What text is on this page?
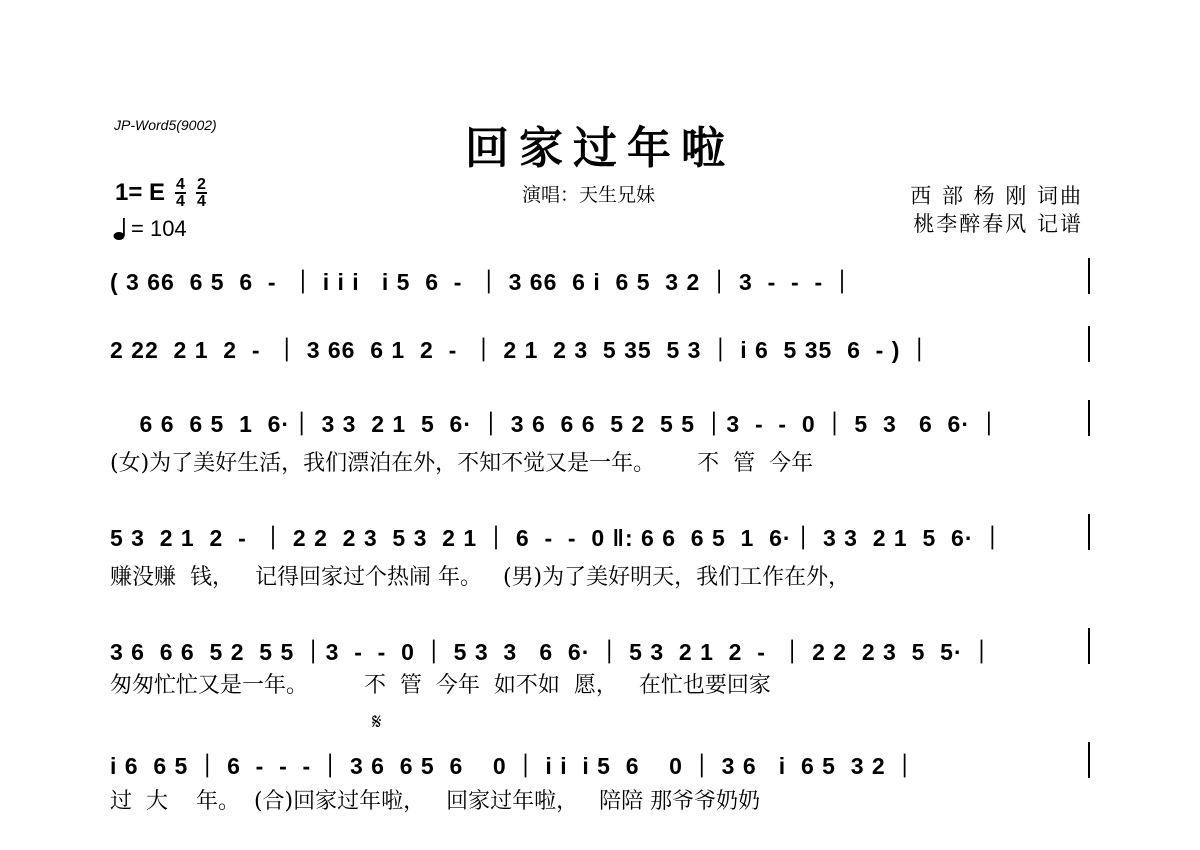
JP-Word5(9002)	回家过年啦
1= E $\frac{4}{4} \frac{2}{4}$
= 104
演唱：天生兄妹	西 部 杨 刚 词曲
桃李醉春风 记谱
( 3 66  6 5  6  -  ｜ i i i   i 5  6  -  ｜ 3 66  6 i  6 5  3 2 ｜ 3  -  -  - ｜
2 22  2 1  2  -  ｜ 3 66  6 1  2  -  ｜ 2 1  2 3  5 35  5 3 ｜ i 6  5 35  6  - ) ｜
6 6  6 5  1  6·｜ 3 3  2 1  5  6· ｜ 3 6  6 6  5 2  5 5 ｜3  -  -  0 ｜ 5  3   6  6· ｜
(女)为了美好生活，我们漂泊在外，不知不觉又是一年。      不  管  今年
5 3  2 1  2  -  ｜ 2 2  2 3  5 3  2 1 ｜ 6  -  -  0 ‖: 6 6  6 5  1  6·｜ 3 3  2 1  5  6· ｜
赚没赚  钱，   记得回家过个热闹 年。   (男)为了美好明天，我们工作在外，
3 6  6 6  5 2  5 5 ｜3  -  -  0 ｜ 5 3  3   6  6· ｜ 5 3  2 1  2  -  ｜ 2 2  2 3  5  5· ｜
匆匆忙忙又是一年。        不  管  今年  如不如  愿，   在忙也要回家
𝄋
i 6  6 5 ｜ 6  -  -  - ｜ 3 6  6 5  6    0 ｜ i i  i 5  6    0 ｜ 3 6   i  6 5  3 2 ｜
过  大    年。  (合)回家过年啦，   回家过年啦，   陪陪 那爷爷奶奶
